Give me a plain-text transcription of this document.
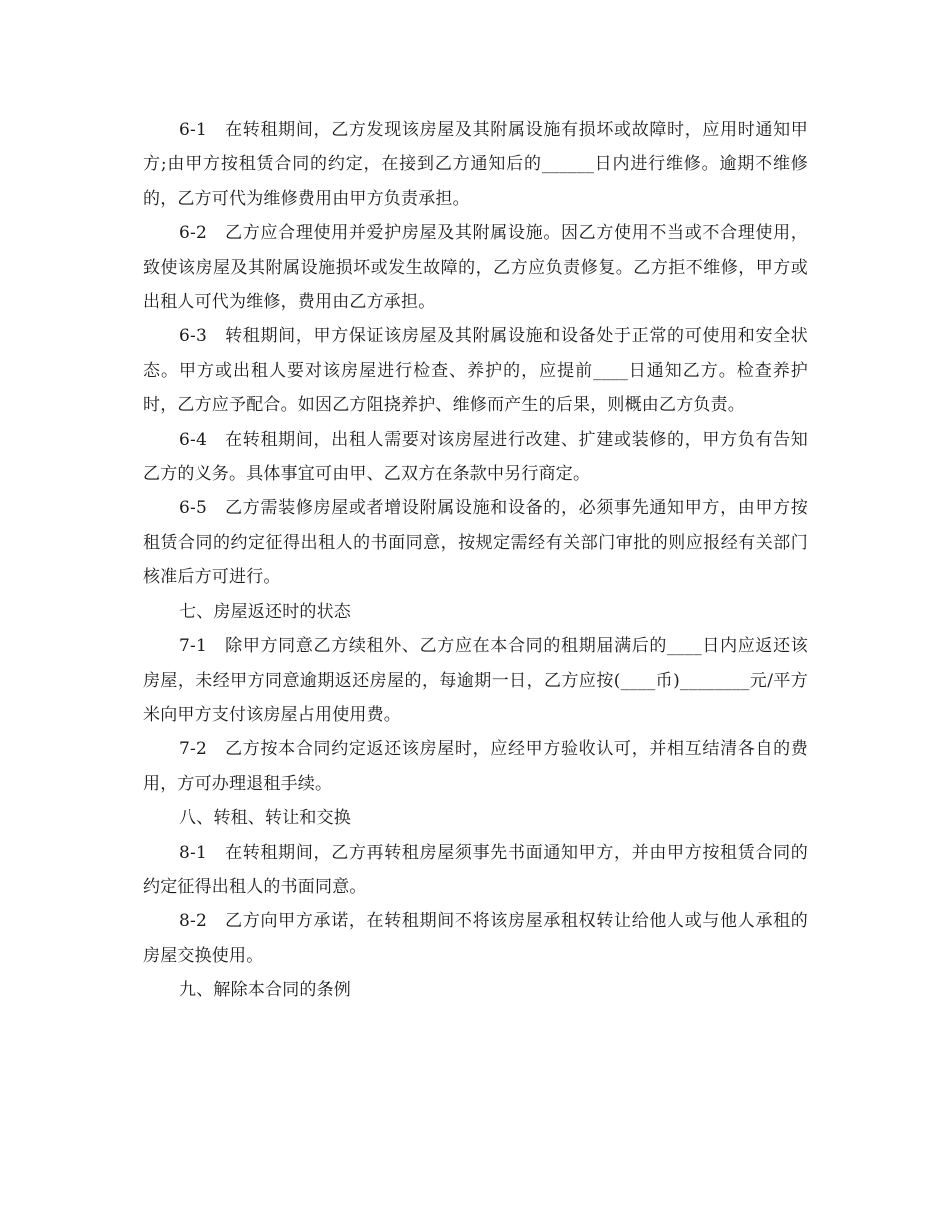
6-1　在转租期间，乙方发现该房屋及其附属设施有损坏或故障时，应用时通知甲方;由甲方按租赁合同的约定，在接到乙方通知后的______日内进行维修。逾期不维修的，乙方可代为维修费用由甲方负责承担。

6-2　乙方应合理使用并爱护房屋及其附属设施。因乙方使用不当或不合理使用，致使该房屋及其附属设施损坏或发生故障的，乙方应负责修复。乙方拒不维修，甲方或出租人可代为维修，费用由乙方承担。

6-3　转租期间，甲方保证该房屋及其附属设施和设备处于正常的可使用和安全状态。甲方或出租人要对该房屋进行检查、养护的，应提前____日通知乙方。检查养护时，乙方应予配合。如因乙方阻挠养护、维修而产生的后果，则概由乙方负责。

6-4　在转租期间，出租人需要对该房屋进行改建、扩建或装修的，甲方负有告知乙方的义务。具体事宜可由甲、乙双方在条款中另行商定。

6-5　乙方需装修房屋或者增设附属设施和设备的，必须事先通知甲方，由甲方按租赁合同的约定征得出租人的书面同意，按规定需经有关部门审批的则应报经有关部门核准后方可进行。

七、房屋返还时的状态

7-1　除甲方同意乙方续租外、乙方应在本合同的租期届满后的____日内应返还该房屋，未经甲方同意逾期返还房屋的，每逾期一日，乙方应按(____币)________元/平方米向甲方支付该房屋占用使用费。

7-2　乙方按本合同约定返还该房屋时，应经甲方验收认可，并相互结清各自的费用，方可办理退租手续。

八、转租、转让和交换

8-1　在转租期间，乙方再转租房屋须事先书面通知甲方，并由甲方按租赁合同的约定征得出租人的书面同意。

8-2　乙方向甲方承诺，在转租期间不将该房屋承租权转让给他人或与他人承租的房屋交换使用。

九、解除本合同的条例
